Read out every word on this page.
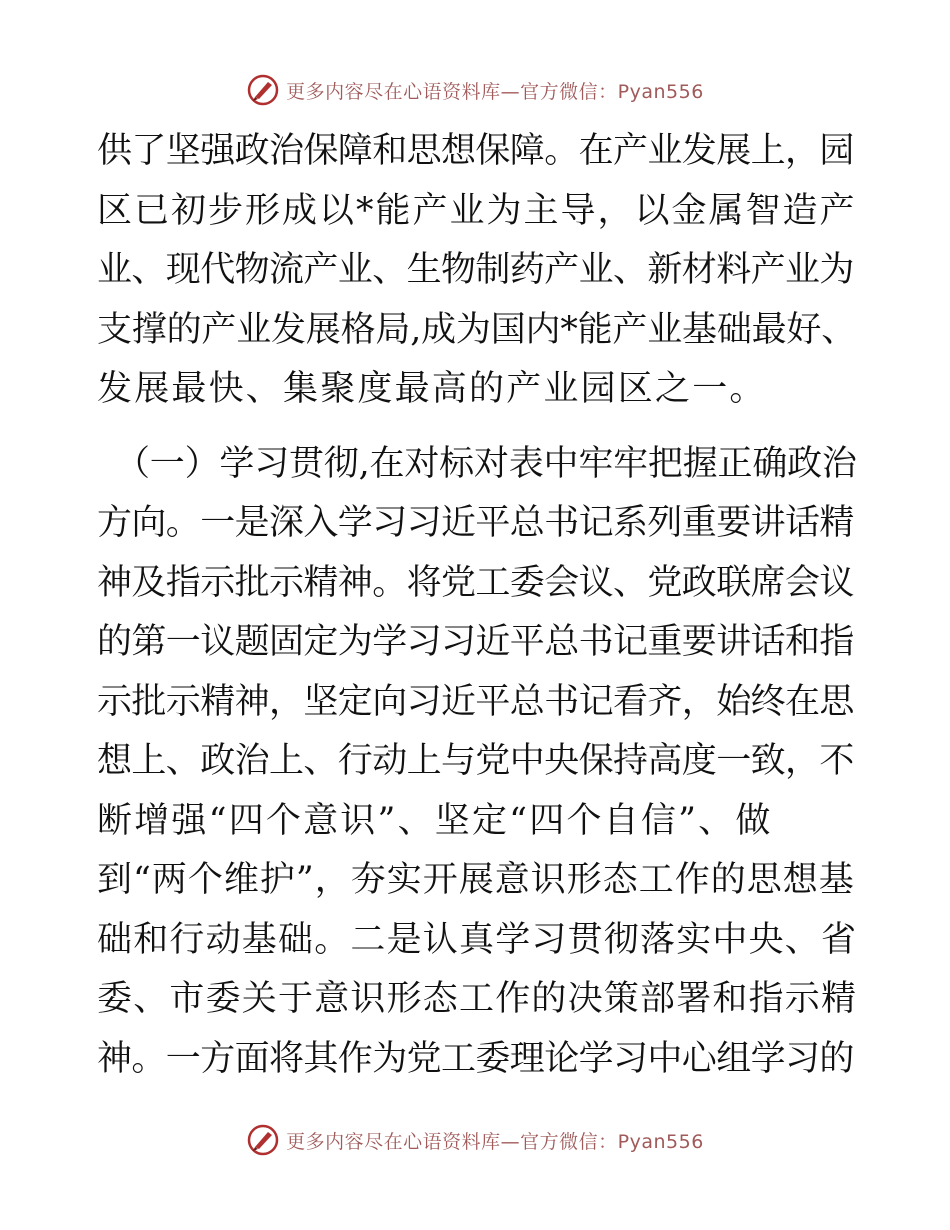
更多内容尽在心语资料库—官方微信：Pyan556
供了坚强政治保障和思想保障。在产业发展上，园
区已初步形成以*能产业为主导，以金属智造产
业、现代物流产业、生物制药产业、新材料产业为
支撑的产业发展格局,成为国内*能产业基础最好、
发展最快、集聚度最高的产业园区之一。
（一）学习贯彻,在对标对表中牢牢把握正确政治
方向。一是深入学习习近平总书记系列重要讲话精
神及指示批示精神。将党工委会议、党政联席会议
的第一议题固定为学习习近平总书记重要讲话和指
示批示精神，坚定向习近平总书记看齐，始终在思
想上、政治上、行动上与党中央保持高度一致，不
断增强“四个意识”、坚定“四个自信”、做
到“两个维护”，夯实开展意识形态工作的思想基
础和行动基础。二是认真学习贯彻落实中央、省
委、市委关于意识形态工作的决策部署和指示精
神。一方面将其作为党工委理论学习中心组学习的
更多内容尽在心语资料库—官方微信：Pyan556
